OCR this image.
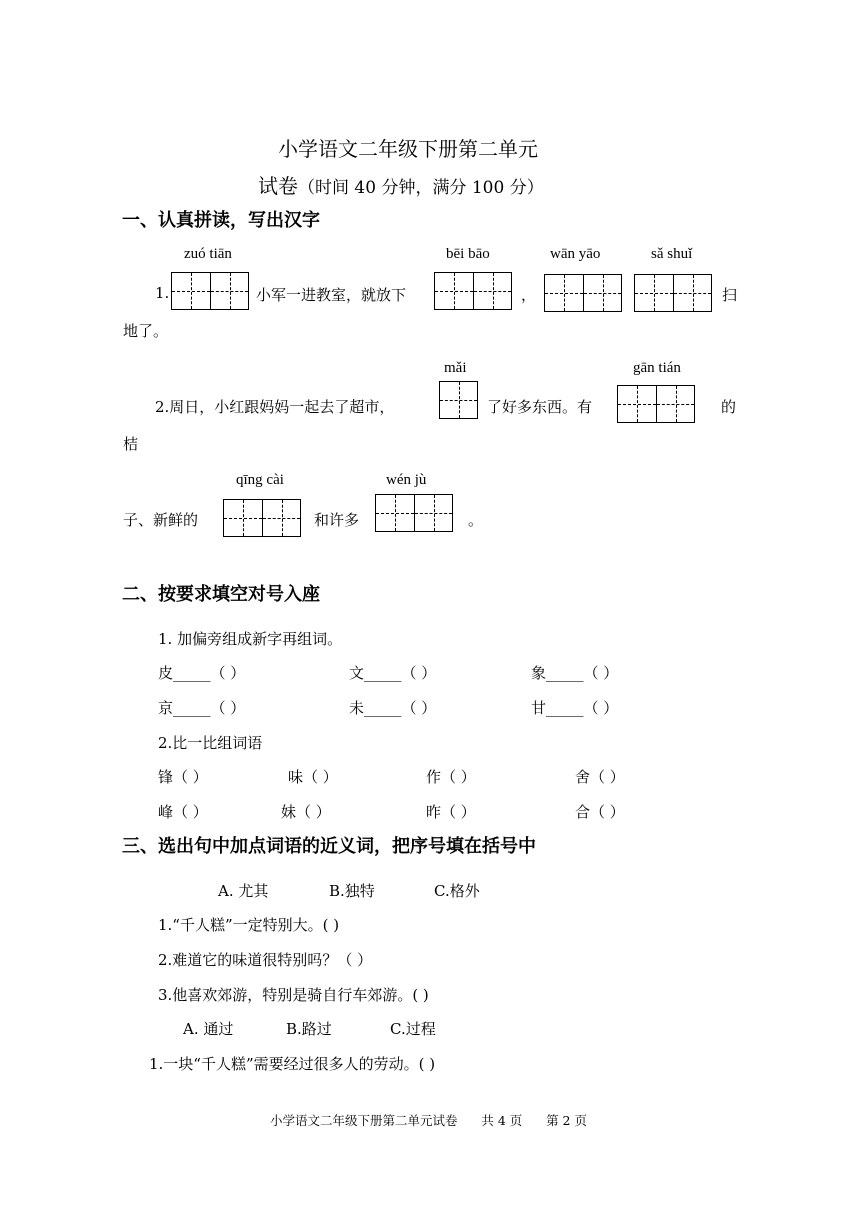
小学语文二年级下册第二单元
试卷（时间 40 分钟，满分 100 分）
一、认真拼读，写出汉字
zuó tiān	bēi bāo	wān yāo	sǎ shuǐ
1.	小军一进教室，就放下	，	扫
地了。
mǎi	gān tián
2.周日，小红跟妈妈一起去了超市，	了好多东西。有	的
桔
qīng cài	wén jù
子、新鲜的	和许多	。
二、按要求填空对号入座
1. 加偏旁组成新字再组词。
皮_____（ ）	文_____（ ）	象_____（ ）
京_____（ ）	未_____（ ）	甘_____（ ）
2.比一比组词语
锋（ ）	味（ ）	作（ ）	舍（ ）
峰（ ）	妹（ ）	昨（ ）	合（ ）
三、选出句中加点词语的近义词，把序号填在括号中
A. 尤其	B.独特	C.格外
1.“千人糕”一定特别大。( )
2.难道它的味道很特别吗？（ ）
3.他喜欢郊游，特别是骑自行车郊游。( )
A. 通过	B.路过	C.过程
1.一块“千人糕”需要经过很多人的劳动。( )
小学语文二年级下册第二单元试卷      共 4 页      第 2 页
